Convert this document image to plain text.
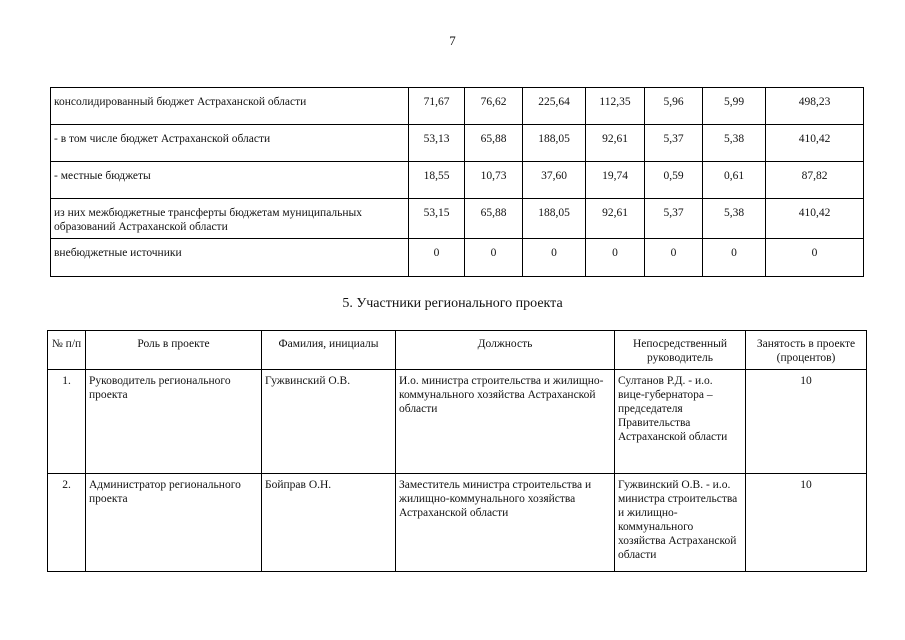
7
консолидированный бюджет Астраханской области	71,67	76,62	225,64	112,35	5,96	5,99	498,23
- в том числе бюджет Астраханской области	53,13	65,88	188,05	92,61	5,37	5,38	410,42
- местные бюджеты	18,55	10,73	37,60	19,74	0,59	0,61	87,82
из них межбюджетные трансферты бюджетам муниципальных образований Астраханской области	53,15	65,88	188,05	92,61	5,37	5,38	410,42
внебюджетные источники	0	0	0	0	0	0	0
5. Участники регионального проекта
№ п/п	Роль в проекте	Фамилия, инициалы	Должность	Непосредственный руководитель	Занятость в проекте (процентов)
1.	Руководитель регионального проекта	Гужвинский О.В.	И.о. министра строительства и жилищно-коммунального хозяйства Астраханской области	Султанов Р.Д. - и.о. вице-губернатора – председателя Правительства Астраханской области	10
2.	Администратор регионального проекта	Бойправ О.Н.	Заместитель министра строительства и жилищно-коммунального хозяйства Астраханской области	Гужвинский О.В. - и.о. министра строительства и жилищно-коммунального хозяйства Астраханской области	10
